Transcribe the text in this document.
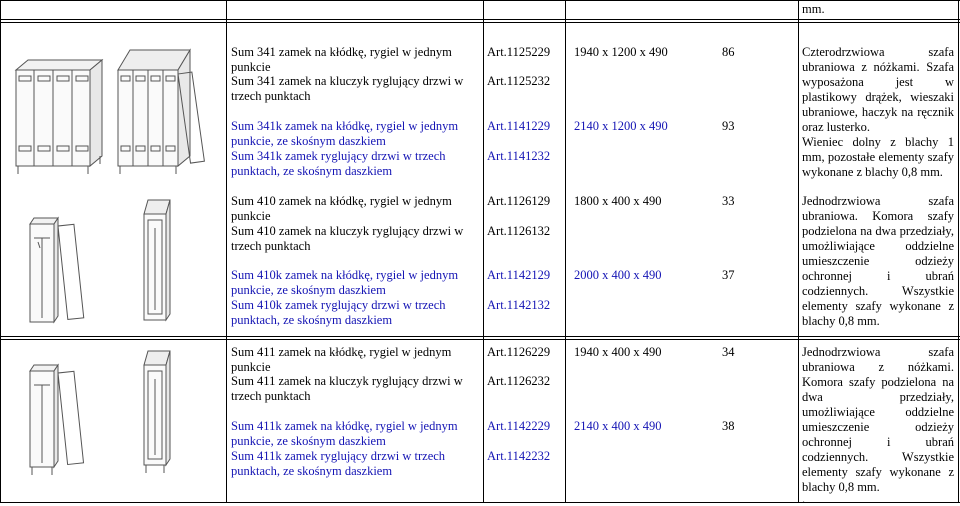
mm.
Sum 341 zamek na kłódkę, rygiel w jednym
punkcie
Sum 341 zamek na kluczyk ryglujący drzwi w
trzech punktach
Sum 341k zamek na kłódkę, rygiel w jednym
punkcie, ze skośnym daszkiem
Sum 341k zamek ryglujący drzwi w trzech
punktach, ze skośnym daszkiem
Art.1125229
Art.1125232
Art.1141229
Art.1141232
1940 x 1200 x 490
2140 x 1200 x 490
86
93

Czterodrzwiowa szafa ubraniowa z nóżkami. Szafa wyposażona jest w plastikowy drążek, wieszaki ubraniowe, haczyk na ręcznik oraz lusterko.

Wieniec dolny z blachy 1 mm, pozostałe elementy szafy wykonane z blachy 0,8 mm.

Sum 410 zamek na kłódkę, rygiel w jednym
punkcie
Sum 410 zamek na kluczyk ryglujący drzwi w
trzech punktach
Sum 410k zamek na kłódkę, rygiel w jednym
punkcie, ze skośnym daszkiem
Sum 410k zamek ryglujący drzwi w trzech
punktach, ze skośnym daszkiem
Art.1126129
Art.1126132
Art.1142129
Art.1142132
1800 x 400 x 490
2000 x 400 x 490
33
37

Jednodrzwiowa szafa ubraniowa. Komora szafy podzielona na dwa przedziały, umożliwiające oddzielne umieszczenie odzieży ochronnej i ubrań codziennych. Wszystkie elementy szafy wykonane z blachy 0,8 mm.

Sum 411 zamek na kłódkę, rygiel w jednym
punkcie
Sum 411 zamek na kluczyk ryglujący drzwi w
trzech punktach
Sum 411k zamek na kłódkę, rygiel w jednym
punkcie, ze skośnym daszkiem
Sum 411k zamek ryglujący drzwi w trzech
punktach, ze skośnym daszkiem
Art.1126229
Art.1126232
Art.1142229
Art.1142232
1940 x 400 x 490
2140 x 400 x 490
34
38

Jednodrzwiowa szafa ubraniowa z nóżkami. Komora szafy podzielona na dwa przedziały, umożliwiające oddzielne umieszczenie odzieży ochronnej i ubrań codziennych. Wszystkie elementy szafy wykonane z blachy 0,8 mm.

.
